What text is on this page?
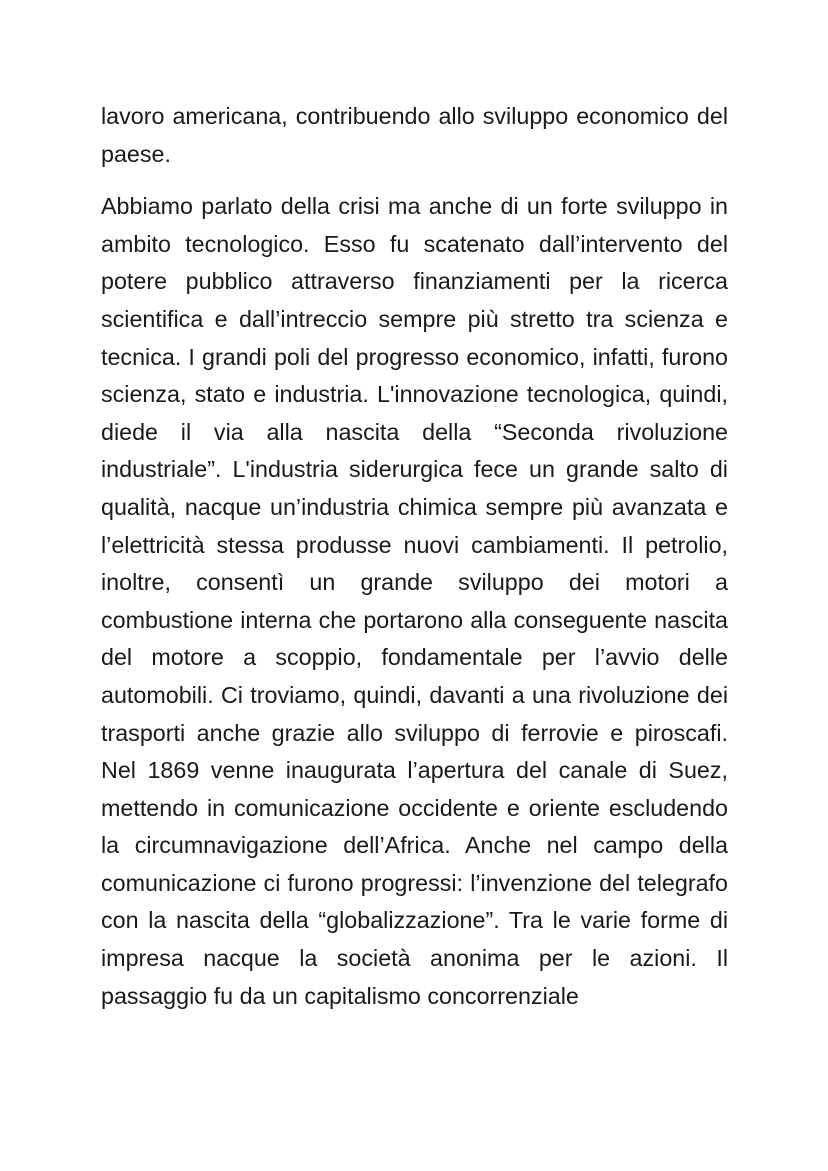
lavoro americana, contribuendo allo sviluppo economico del paese.

Abbiamo parlato della crisi ma anche di un forte sviluppo in ambito tecnologico. Esso fu scatenato dall’intervento del potere pubblico attraverso finanziamenti per la ricerca scientifica e dall’intreccio sempre più stretto tra scienza e tecnica. I grandi poli del progresso economico, infatti, furono scienza, stato e industria. L'innovazione tecnologica, quindi, diede il via alla nascita della “Seconda rivoluzione industriale”. L'industria siderurgica fece un grande salto di qualità, nacque un’industria chimica sempre più avanzata e l’elettricità stessa produsse nuovi cambiamenti. Il petrolio, inoltre, consentì un grande sviluppo dei motori a combustione interna che portarono alla conseguente nascita del motore a scoppio, fondamentale per l’avvio delle automobili. Ci troviamo, quindi, davanti a una rivoluzione dei trasporti anche grazie allo sviluppo di ferrovie e piroscafi. Nel 1869 venne inaugurata l’apertura del canale di Suez, mettendo in comunicazione occidente e oriente escludendo la circumnavigazione dell’Africa. Anche nel campo della comunicazione ci furono progressi: l’invenzione del telegrafo con la nascita della “globalizzazione”. Tra le varie forme di impresa nacque la società anonima per le azioni. Il passaggio fu da un capitalismo concorrenziale
